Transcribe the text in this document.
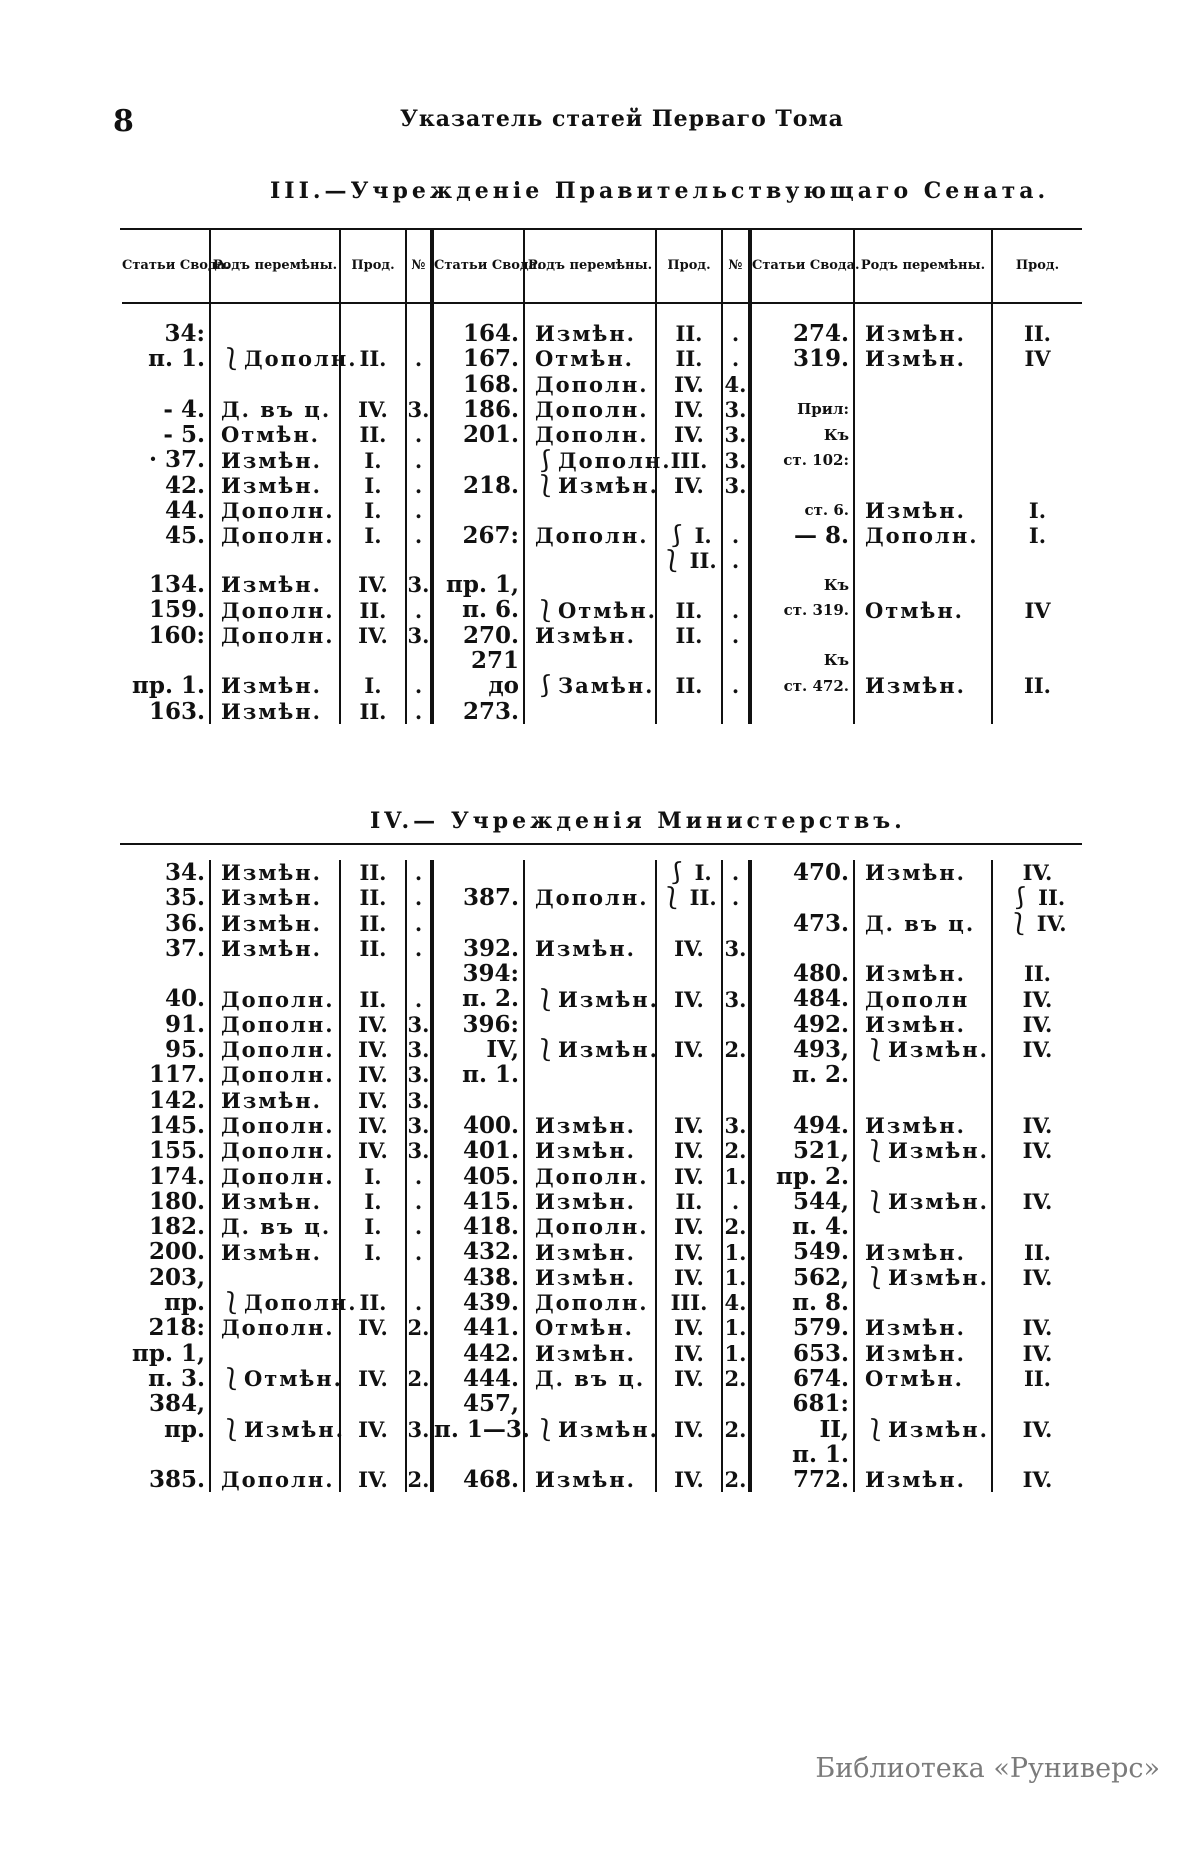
8	Указатель статей Перваго Тома
III.—Учрежденіе Правительствующаго Сената.
Статьи Свода.	Родъ перемѣны.	Прод.	№	Статьи Свода.	Родъ перемѣны.	Прод.	№	Статьи Свода.	Родъ перемѣны.	Прод.

34:				164.	Измѣн.	II.	.	274.	Измѣн.	II.
п. 1.	⎱Дополн.	II.	.	167.	Отмѣн.	II.	.	319.	Измѣн.	IV
				168.	Дополн.	IV.	4.			
- 4.	Д. въ ц.	IV.	3.	186.	Дополн.	IV.	3.	Прил:		
- 5.	Отмѣн.	II.	.	201.	Дополн.	IV.	3.	Къ		
· 37.	Измѣн.	I.	.		⎰Дополн.	III.	3.	ст. 102:		
42.	Измѣн.	I.	.	218.	⎱Измѣн.	IV.	3.			
44.	Дополн.	I.	.					ст. 6.	Измѣн.	I.
45.	Дополн.	I.	.	267:	Дополн.	⎰ I.	.	— 8.	Дополн.	I.
						⎱ II.	.			
134.	Измѣн.	IV.	3.	пр. 1,				Къ		
159.	Дополн.	II.	.	п. 6.	⎱Отмѣн.	II.	.	ст. 319.	Отмѣн.	IV
160:	Дополн.	IV.	3.	270.	Измѣн.	II.	.			
				271				Къ		
пр. 1.	Измѣн.	I.	.	до	⎰Замѣн.	II.	.	ст. 472.	Измѣн.	II.
163.	Измѣн.	II.	.	273.						
IV.— Учрежденія Министерствъ.
34.	Измѣн.	II.	.			⎰ I.	.	470.	Измѣн.	IV.
35.	Измѣн.	II.	.	387.	Дополн.	⎱ II.	.			⎰ II.
36.	Измѣн.	II.	.					473.	Д. въ ц.	⎱ IV.
37.	Измѣн.	II.	.	392.	Измѣн.	IV.	3.			
				394:				480.	Измѣн.	II.
40.	Дополн.	II.	.	п. 2.	⎱Измѣн.	IV.	3.	484.	Дополн	IV.
91.	Дополн.	IV.	3.	396:				492.	Измѣн.	IV.
95.	Дополн.	IV.	3.	IV,	⎱Измѣн.	IV.	2.	493,	⎱Измѣн.	IV.
117.	Дополн.	IV.	3.	п. 1.				п. 2.		
142.	Измѣн.	IV.	3.							
145.	Дополн.	IV.	3.	400.	Измѣн.	IV.	3.	494.	Измѣн.	IV.
155.	Дополн.	IV.	3.	401.	Измѣн.	IV.	2.	521,	⎱Измѣн.	IV.
174.	Дополн.	I.	.	405.	Дополн.	IV.	1.	пр. 2.		
180.	Измѣн.	I.	.	415.	Измѣн.	II.	.	544,	⎱Измѣн.	IV.
182.	Д. въ ц.	I.	.	418.	Дополн.	IV.	2.	п. 4.		
200.	Измѣн.	I.	.	432.	Измѣн.	IV.	1.	549.	Измѣн.	II.
203,				438.	Измѣн.	IV.	1.	562,	⎱Измѣн.	IV.
пр.	⎱Дополн.	II.	.	439.	Дополн.	III.	4.	п. 8.		
218:	Дополн.	IV.	2.	441.	Отмѣн.	IV.	1.	579.	Измѣн.	IV.
пр. 1,				442.	Измѣн.	IV.	1.	653.	Измѣн.	IV.
п. 3.	⎱Отмѣн.	IV.	2.	444.	Д. въ ц.	IV.	2.	674.	Отмѣн.	II.
384,				457,				681:		
пр.	⎱Измѣн.	IV.	3.	п. 1—3.	⎱Измѣн.	IV.	2.	II,	⎱Измѣн.	IV.
								п. 1.		
385.	Дополн.	IV.	2.	468.	Измѣн.	IV.	2.	772.	Измѣн.	IV.
Библиотека «Руниверс»
